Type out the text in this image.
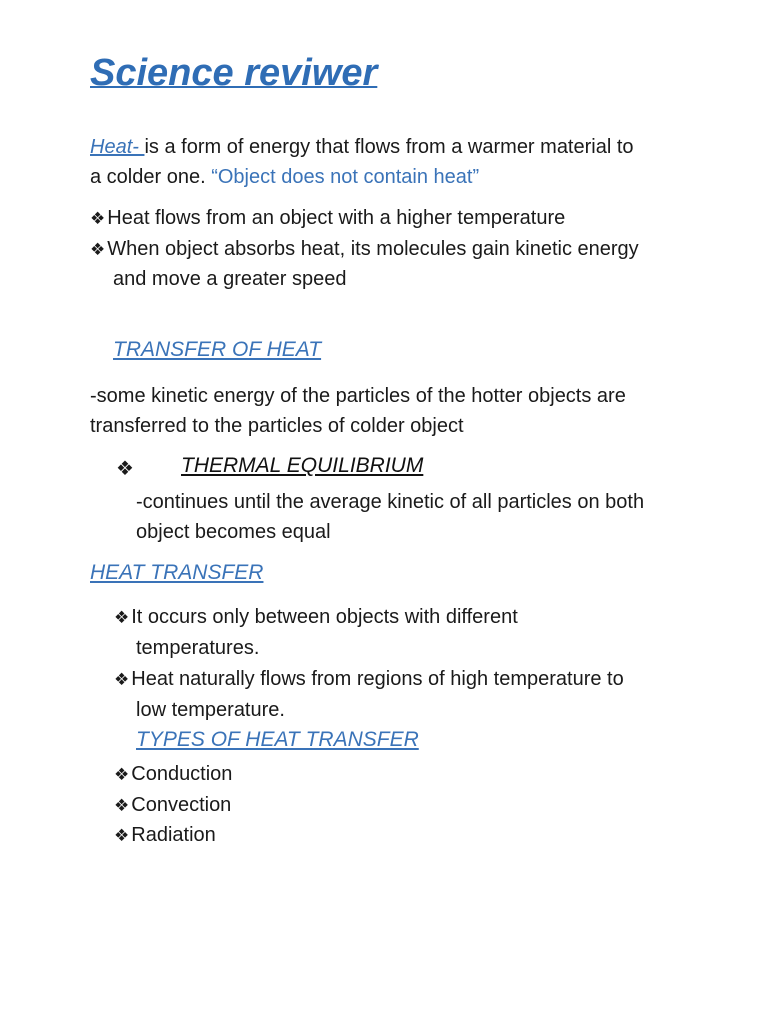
Science reviwer
Heat- is a form of energy that flows from a warmer material to
a colder one. “Object does not contain heat”
❖ Heat flows from an object with a higher temperature
❖ When object absorbs heat, its molecules gain kinetic energy
and move a greater speed
TRANSFER OF HEAT
-some kinetic energy of the particles of the hotter objects are
transferred to the particles of colder object
❖ THERMAL EQUILIBRIUM
-continues until the average kinetic of all particles on both
object becomes equal
HEAT TRANSFER
❖ It occurs only between objects with different
temperatures.
❖ Heat naturally flows from regions of high temperature to
low temperature.
TYPES OF HEAT TRANSFER
❖ Conduction
❖ Convection
❖ Radiation
